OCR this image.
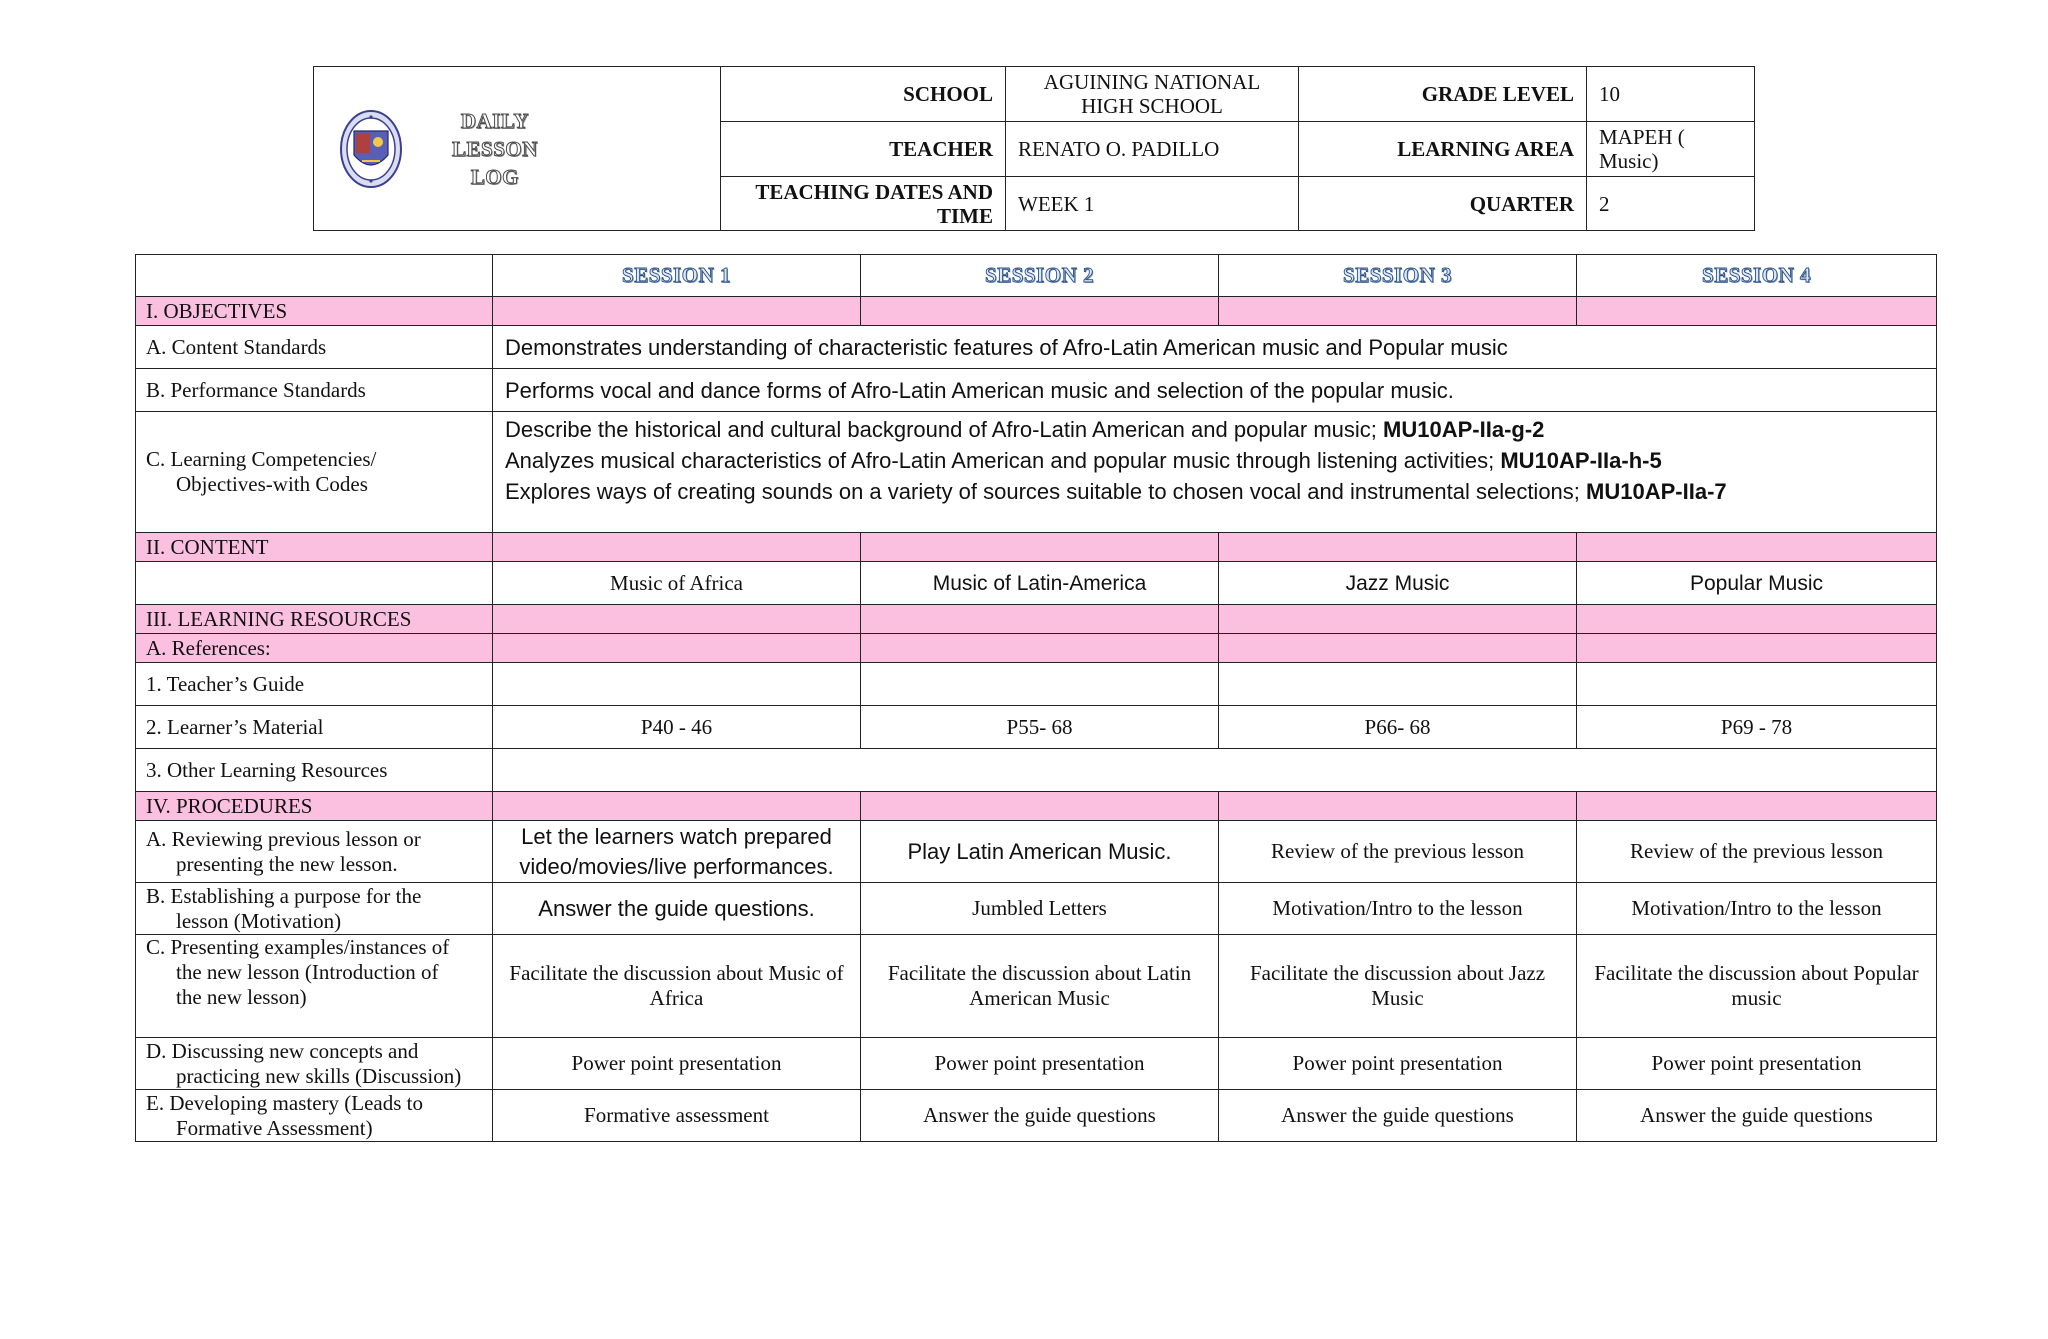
DAILY
LESSON
LOG	SCHOOL	AGUINING NATIONAL HIGH SCHOOL	GRADE LEVEL	10
	TEACHER	RENATO O. PADILLO	LEARNING AREA	MAPEH ( Music)
	TEACHING DATES AND TIME	WEEK 1	QUARTER	2
	SESSION 1	SESSION 2	SESSION 3	SESSION 4
I. OBJECTIVES				
A. Content Standards	Demonstrates understanding of characteristic features of Afro-Latin American music and Popular music			
B. Performance Standards	Performs vocal and dance forms of Afro-Latin American music and selection of the popular music.			
C. Learning Competencies/
Objectives-with Codes	Describe the historical and cultural background of Afro-Latin American and popular music; MU10AP-IIa-g-2
Analyzes musical characteristics of Afro-Latin American and popular music through listening activities; MU10AP-IIa-h-5
Explores ways of creating sounds on a variety of sources suitable to chosen vocal and instrumental selections; MU10AP-IIa-7			

II. CONTENT				
	Music of Africa	Music of Latin-America	Jazz Music	Popular Music
III. LEARNING RESOURCES				
A. References:				
1. Teacher’s Guide				
2. Learner’s Material	P40 - 46	P55- 68	P66- 68	P69 - 78
3. Other Learning Resources				
IV. PROCEDURES				
A. Reviewing previous lesson or
presenting the new lesson.	Let the learners watch prepared video/movies/live performances.	Play Latin American Music.	Review of the previous lesson	Review of the previous lesson
B. Establishing a purpose for the
lesson (Motivation)	Answer the guide questions.	Jumbled Letters	Motivation/Intro to the lesson	Motivation/Intro to the lesson
C. Presenting examples/instances of
the new lesson (Introduction of
the new lesson)	Facilitate the discussion about Music of Africa	Facilitate the discussion about Latin American Music	Facilitate the discussion about Jazz Music	Facilitate the discussion about Popular music
D. Discussing new concepts and
practicing new skills (Discussion)	Power point presentation	Power point presentation	Power point presentation	Power point presentation
E. Developing mastery (Leads to
Formative Assessment)	Formative assessment	Answer the guide questions	Answer the guide questions	Answer the guide questions
